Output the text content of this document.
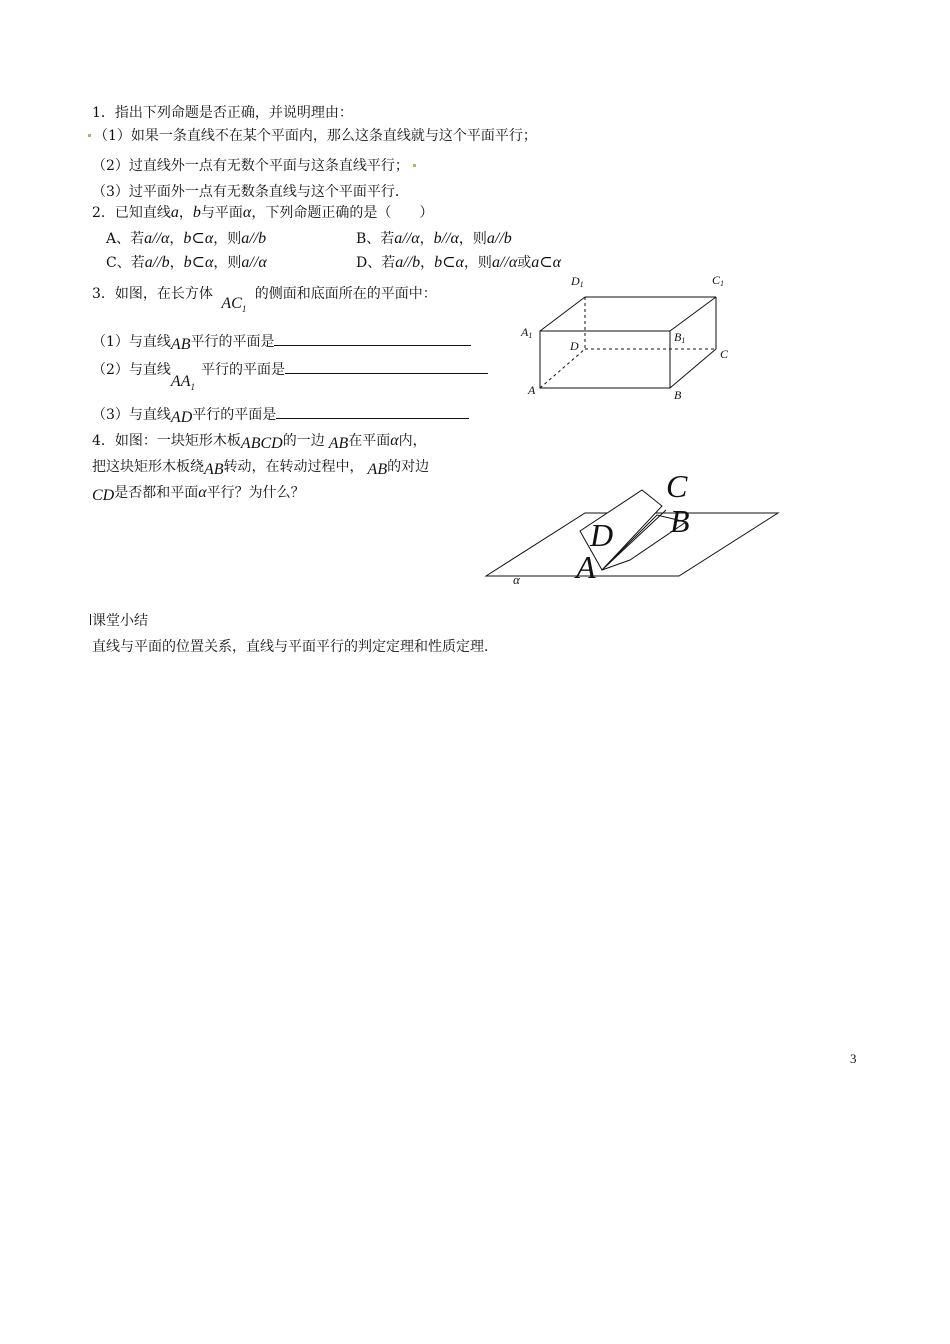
1．指出下列命题是否正确，并说明理由：
（1）如果一条直线不在某个平面内，那么这条直线就与这个平面平行；
（2）过直线外一点有无数个平面与这条直线平行；
（3）过平面外一点有无数条直线与这个平面平行．
2．已知直线a，b与平面α，下列命题正确的是（　　）
A、若a//α，b⊂α，则a//b	B、若a//α，b//α，则a//b
C、若a//b，b⊂α，则a//α	D、若a//b，b⊂α，则a//α或a⊂α
3．如图，在长方体 $AC_1$ 的侧面和底面所在的平面中：
（1）与直线AB平行的平面是
（2）与直线$AA_1$平行的平面是
（3）与直线AD平行的平面是
D1	C1
A1	B1
D
C
A	B
4．如图：一块矩形木板ABCD的一边 AB在平面α内，
把这块矩形木板绕AB转动，在转动过程中， AB的对边
CD是否都和平面α平行？为什么？	C
B
D
A
α
课堂小结
直线与平面的位置关系，直线与平面平行的判定定理和性质定理．
3
